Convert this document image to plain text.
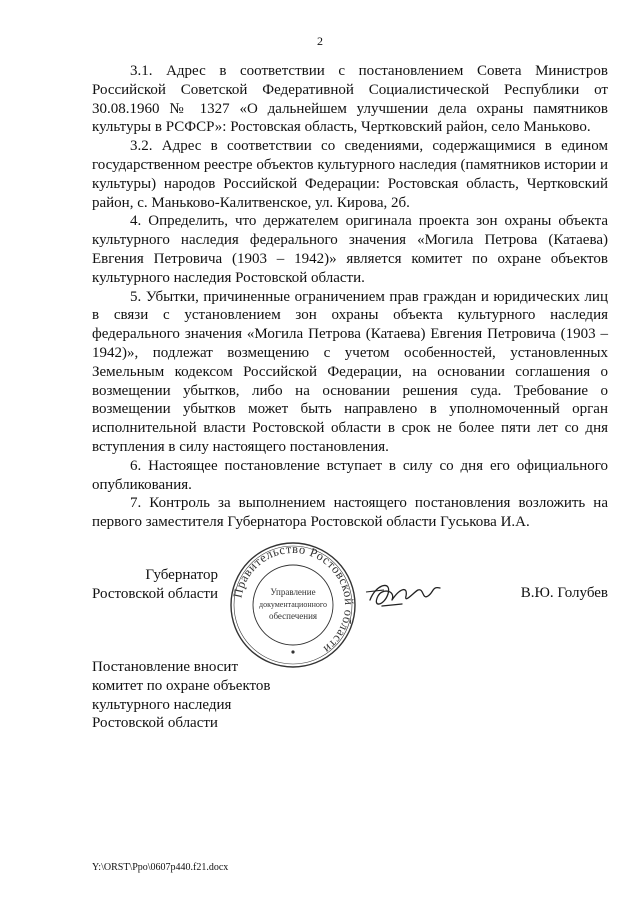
2

3.1. Адрес в соответствии с постановлением Совета Министров Российской Советской Федеративной Социалистической Республики от 30.08.1960 № 1327 «О дальнейшем улучшении дела охраны памятников культуры в РСФСР»: Ростовская область, Чертковский район, село Маньково.

3.2. Адрес в соответствии со сведениями, содержащимися в едином государственном реестре объектов культурного наследия (памятников истории и культуры) народов Российской Федерации: Ростовская область, Чертковский район, с. Маньково-Калитвенское, ул. Кирова, 2б.

4. Определить, что держателем оригинала проекта зон охраны объекта культурного наследия федерального значения «Могила Петрова (Катаева) Евгения Петровича (1903 – 1942)» является комитет по охране объектов культурного наследия Ростовской области.

5. Убытки, причиненные ограничением прав граждан и юридических лиц в связи с установлением зон охраны объекта культурного наследия федерального значения «Могила Петрова (Катаева) Евгения Петровича (1903 – 1942)», подлежат возмещению с учетом особенностей, установленных Земельным кодексом Российской Федерации, на основании соглашения о возмещении убытков, либо на основании решения суда. Требование о возмещении убытков может быть направлено в уполномоченный орган исполнительной власти Ростовской области в срок не более пяти лет со дня вступления в силу настоящего постановления.

6. Настоящее постановление вступает в силу со дня его официального опубликования.

7. Контроль за выполнением настоящего постановления возложить на первого заместителя Губернатора Ростовской области Гуськова И.А.

Губернатор
Ростовской области Правительство Ростовской области
Управление
документационного
обеспечения
В.Ю. Голубев
Постановление вносит
комитет по охране объектов
культурного наследия
Ростовской области
Y:\ORST\Ppo\0607p440.f21.docx
